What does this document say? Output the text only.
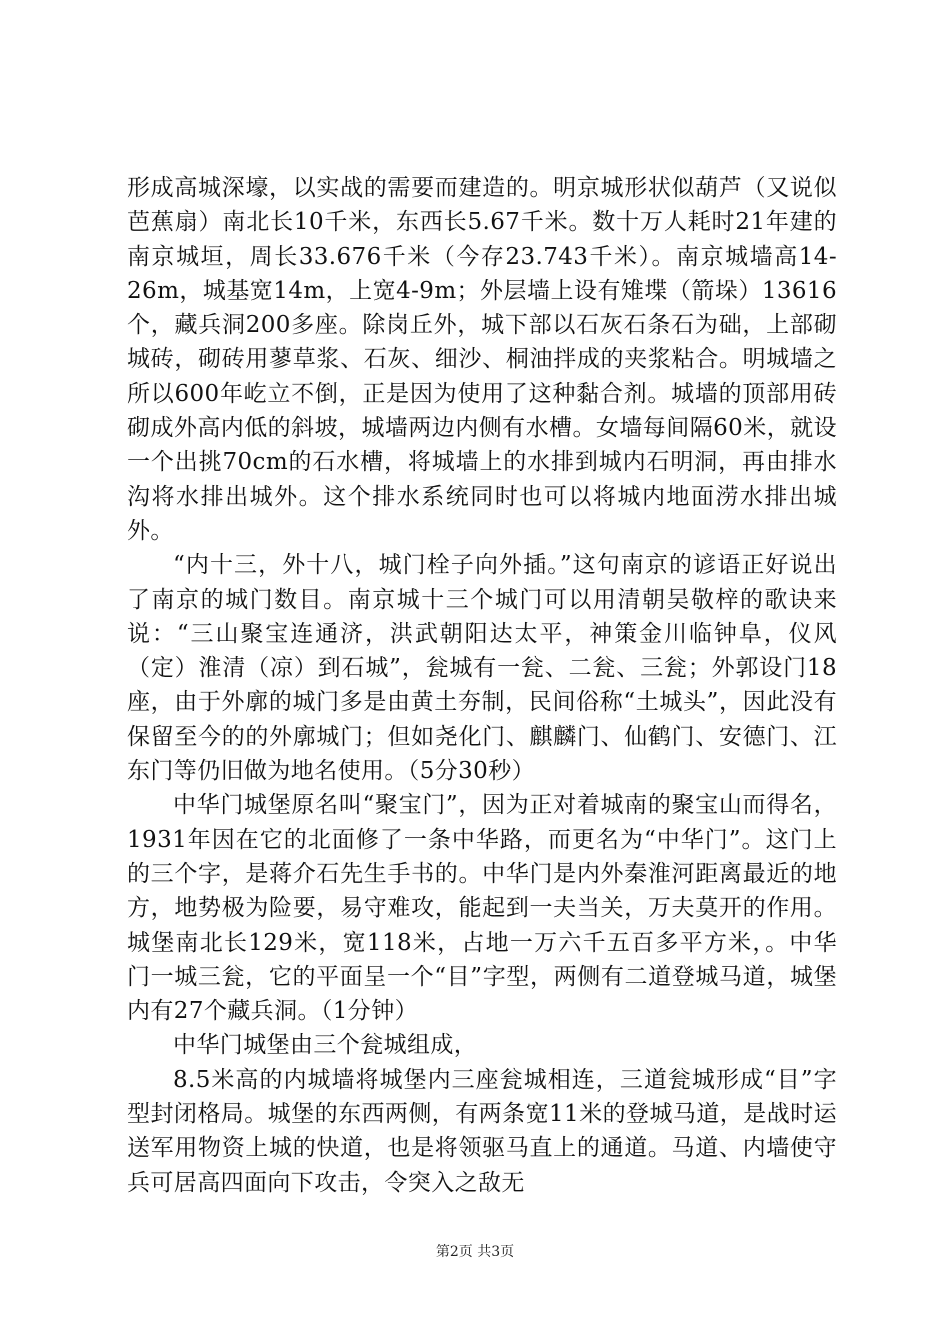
形成高城深壕，以实战的需要而建造的。明京城形状似葫芦（又说似芭蕉扇）南北长10千米，东西长5.67千米。数十万人耗时21年建的南京城垣，周长33.676千米（今存23.743千米）。南京城墙高14-26m，城基宽14m，上宽4-9m；外层墙上设有雉堞（箭垛）13616个，藏兵洞200多座。除岗丘外，城下部以石灰石条石为础，上部砌城砖，砌砖用蓼草浆、石灰、细沙、桐油拌成的夹浆粘合。明城墙之所以600年屹立不倒，正是因为使用了这种黏合剂。城墙的顶部用砖砌成外高内低的斜坡，城墙两边内侧有水槽。女墙每间隔60米，就设一个出挑70cm的石水槽，将城墙上的水排到城内石明洞，再由排水沟将水排出城外。这个排水系统同时也可以将城内地面涝水排出城外。

“内十三，外十八，城门栓子向外插。”这句南京的谚语正好说出了南京的城门数目。南京城十三个城门可以用清朝吴敬梓的歌诀来说：“三山聚宝连通济，洪武朝阳达太平，神策金川临钟阜，仪风（定）淮清（凉）到石城”，瓮城有一瓮、二瓮、三瓮；外郭设门18座，由于外廓的城门多是由黄土夯制，民间俗称“土城头”，因此没有保留至今的的外廓城门；但如尧化门、麒麟门、仙鹤门、安德门、江东门等仍旧做为地名使用。（5分30秒）

中华门城堡原名叫“聚宝门”，因为正对着城南的聚宝山而得名，1931年因在它的北面修了一条中华路，而更名为“中华门”。这门上的三个字，是蒋介石先生手书的。中华门是内外秦淮河距离最近的地方，地势极为险要，易守难攻，能起到一夫当关，万夫莫开的作用。城堡南北长129米，宽118米，占地一万六千五百多平方米，。中华门一城三瓮，它的平面呈一个“目”字型，两侧有二道登城马道，城堡内有27个藏兵洞。（1分钟）

中华门城堡由三个瓮城组成，

8.5米高的内城墙将城堡内三座瓮城相连，三道瓮城形成“目”字型封闭格局。城堡的东西两侧，有两条宽11米的登城马道，是战时运送军用物资上城的快道，也是将领驱马直上的通道。马道、内墙使守兵可居高四面向下攻击，令突入之敌无

第2页 共3页
